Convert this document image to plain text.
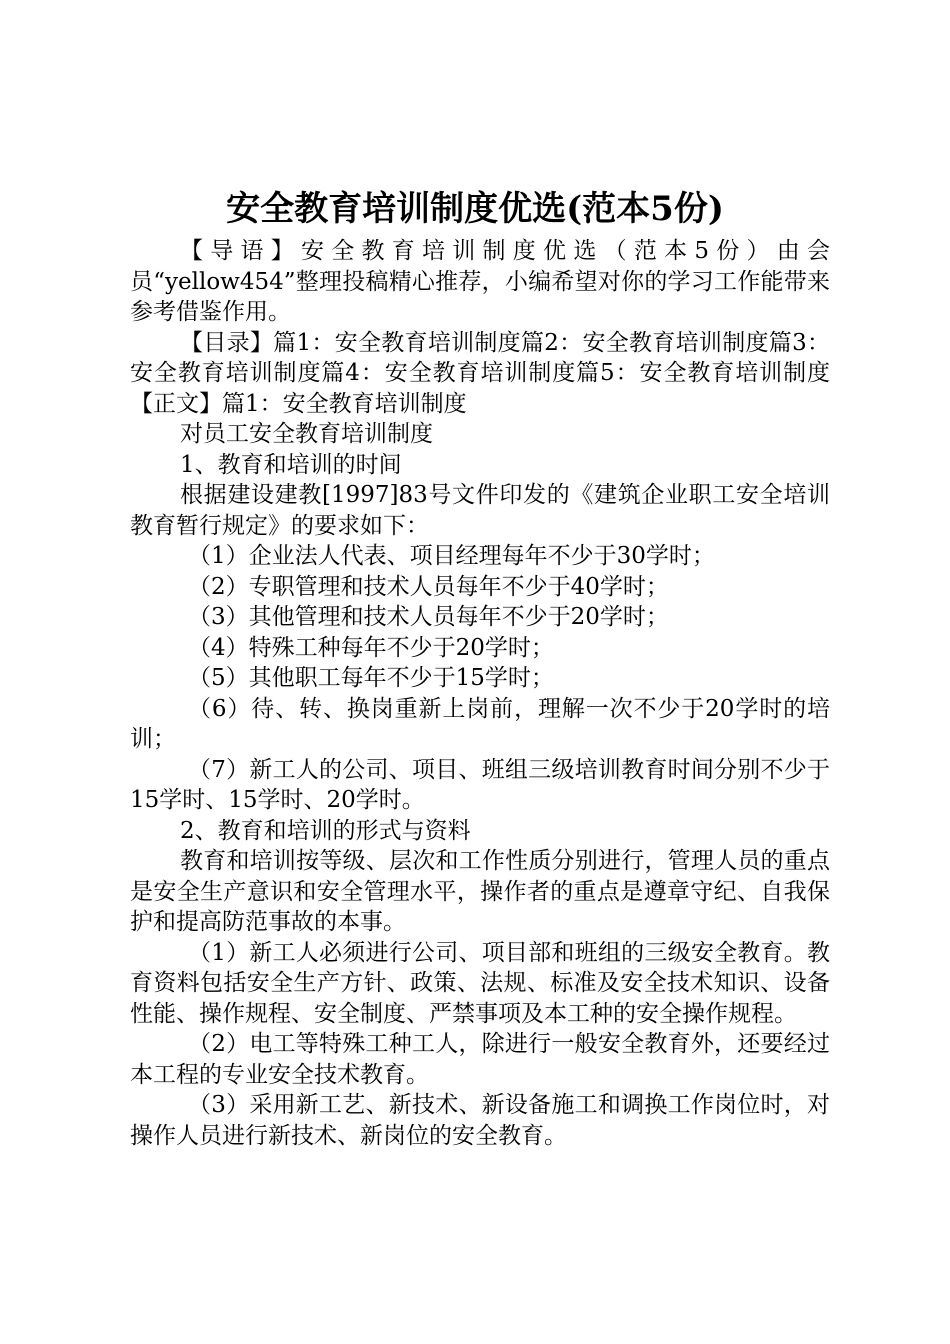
安全教育培训制度优选(范本5份)

【导语】安全教育培训制度优选（范本5份）由会员“yellow454”整理投稿精心推荐，小编希望对你的学习工作能带来参考借鉴作用。

【目录】篇1：安全教育培训制度篇2：安全教育培训制度篇3：安全教育培训制度篇4：安全教育培训制度篇5：安全教育培训制度【正文】篇1：安全教育培训制度

对员工安全教育培训制度

1、教育和培训的时间

根据建设建教[1997]83号文件印发的《建筑企业职工安全培训教育暂行规定》的要求如下：

（1）企业法人代表、项目经理每年不少于30学时；

（2）专职管理和技术人员每年不少于40学时；

（3）其他管理和技术人员每年不少于20学时；

（4）特殊工种每年不少于20学时；

（5）其他职工每年不少于15学时；

（6）待、转、换岗重新上岗前，理解一次不少于20学时的培训；

（7）新工人的公司、项目、班组三级培训教育时间分别不少于15学时、15学时、20学时。

2、教育和培训的形式与资料

教育和培训按等级、层次和工作性质分别进行，管理人员的重点是安全生产意识和安全管理水平，操作者的重点是遵章守纪、自我保护和提高防范事故的本事。

（1）新工人必须进行公司、项目部和班组的三级安全教育。教育资料包括安全生产方针、政策、法规、标准及安全技术知识、设备性能、操作规程、安全制度、严禁事项及本工种的安全操作规程。

（2）电工等特殊工种工人，除进行一般安全教育外，还要经过本工程的专业安全技术教育。

（3）采用新工艺、新技术、新设备施工和调换工作岗位时，对操作人员进行新技术、新岗位的安全教育。
